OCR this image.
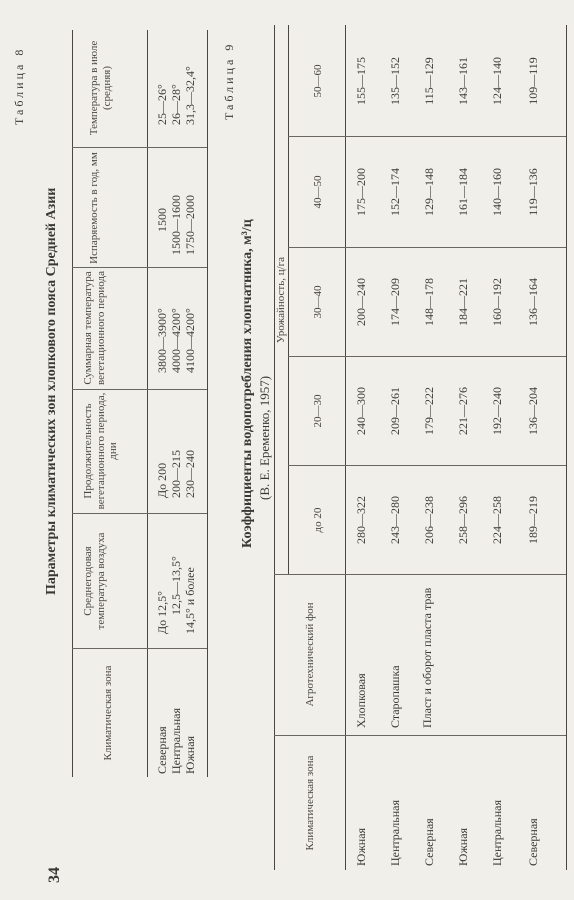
34
Таблица 8
Параметры климатических зон хлопкового пояса Средней Азии
Климатическая зона
Среднегодовая температура воздуха
Продолжительность вегетационного периода, дни
Суммарная температура вегетационного периода
Испаряемость в год, мм
Температура в июле (средняя)
Северная Центральная Южная
До 12,5° 12,5—13,5° 14,5° и более
До 200 200—215 230—240
3800—3900° 4000—4200° 4100—4200°
1500 1500—1600 1750—2000
25—26° 26—28° 31,3—32,4° Таблица 9
Коэффициенты водопотребления хлопчатника, м³/ц (В. Е. Еременко, 1957)
Климатическая зона
Агротехнический фон
Урожайность, ц/га
до 20
20—30
30—40
40—50
50—60
Южная Центральная Северная Южная Центральная Северная
Хлопковая Старопашка Пласт и оборот пласта трав
280—322
240—300
200—240
175—200
155—175
243—280
209—261
174—209
152—174
135—152
206—238
179—222
148—178
129—148
115—129
258—296
221—276
184—221
161—184
143—161
224—258
192—240
160—192
140—160
124—140
189—219
136—204
136—164
119—136
109—119
